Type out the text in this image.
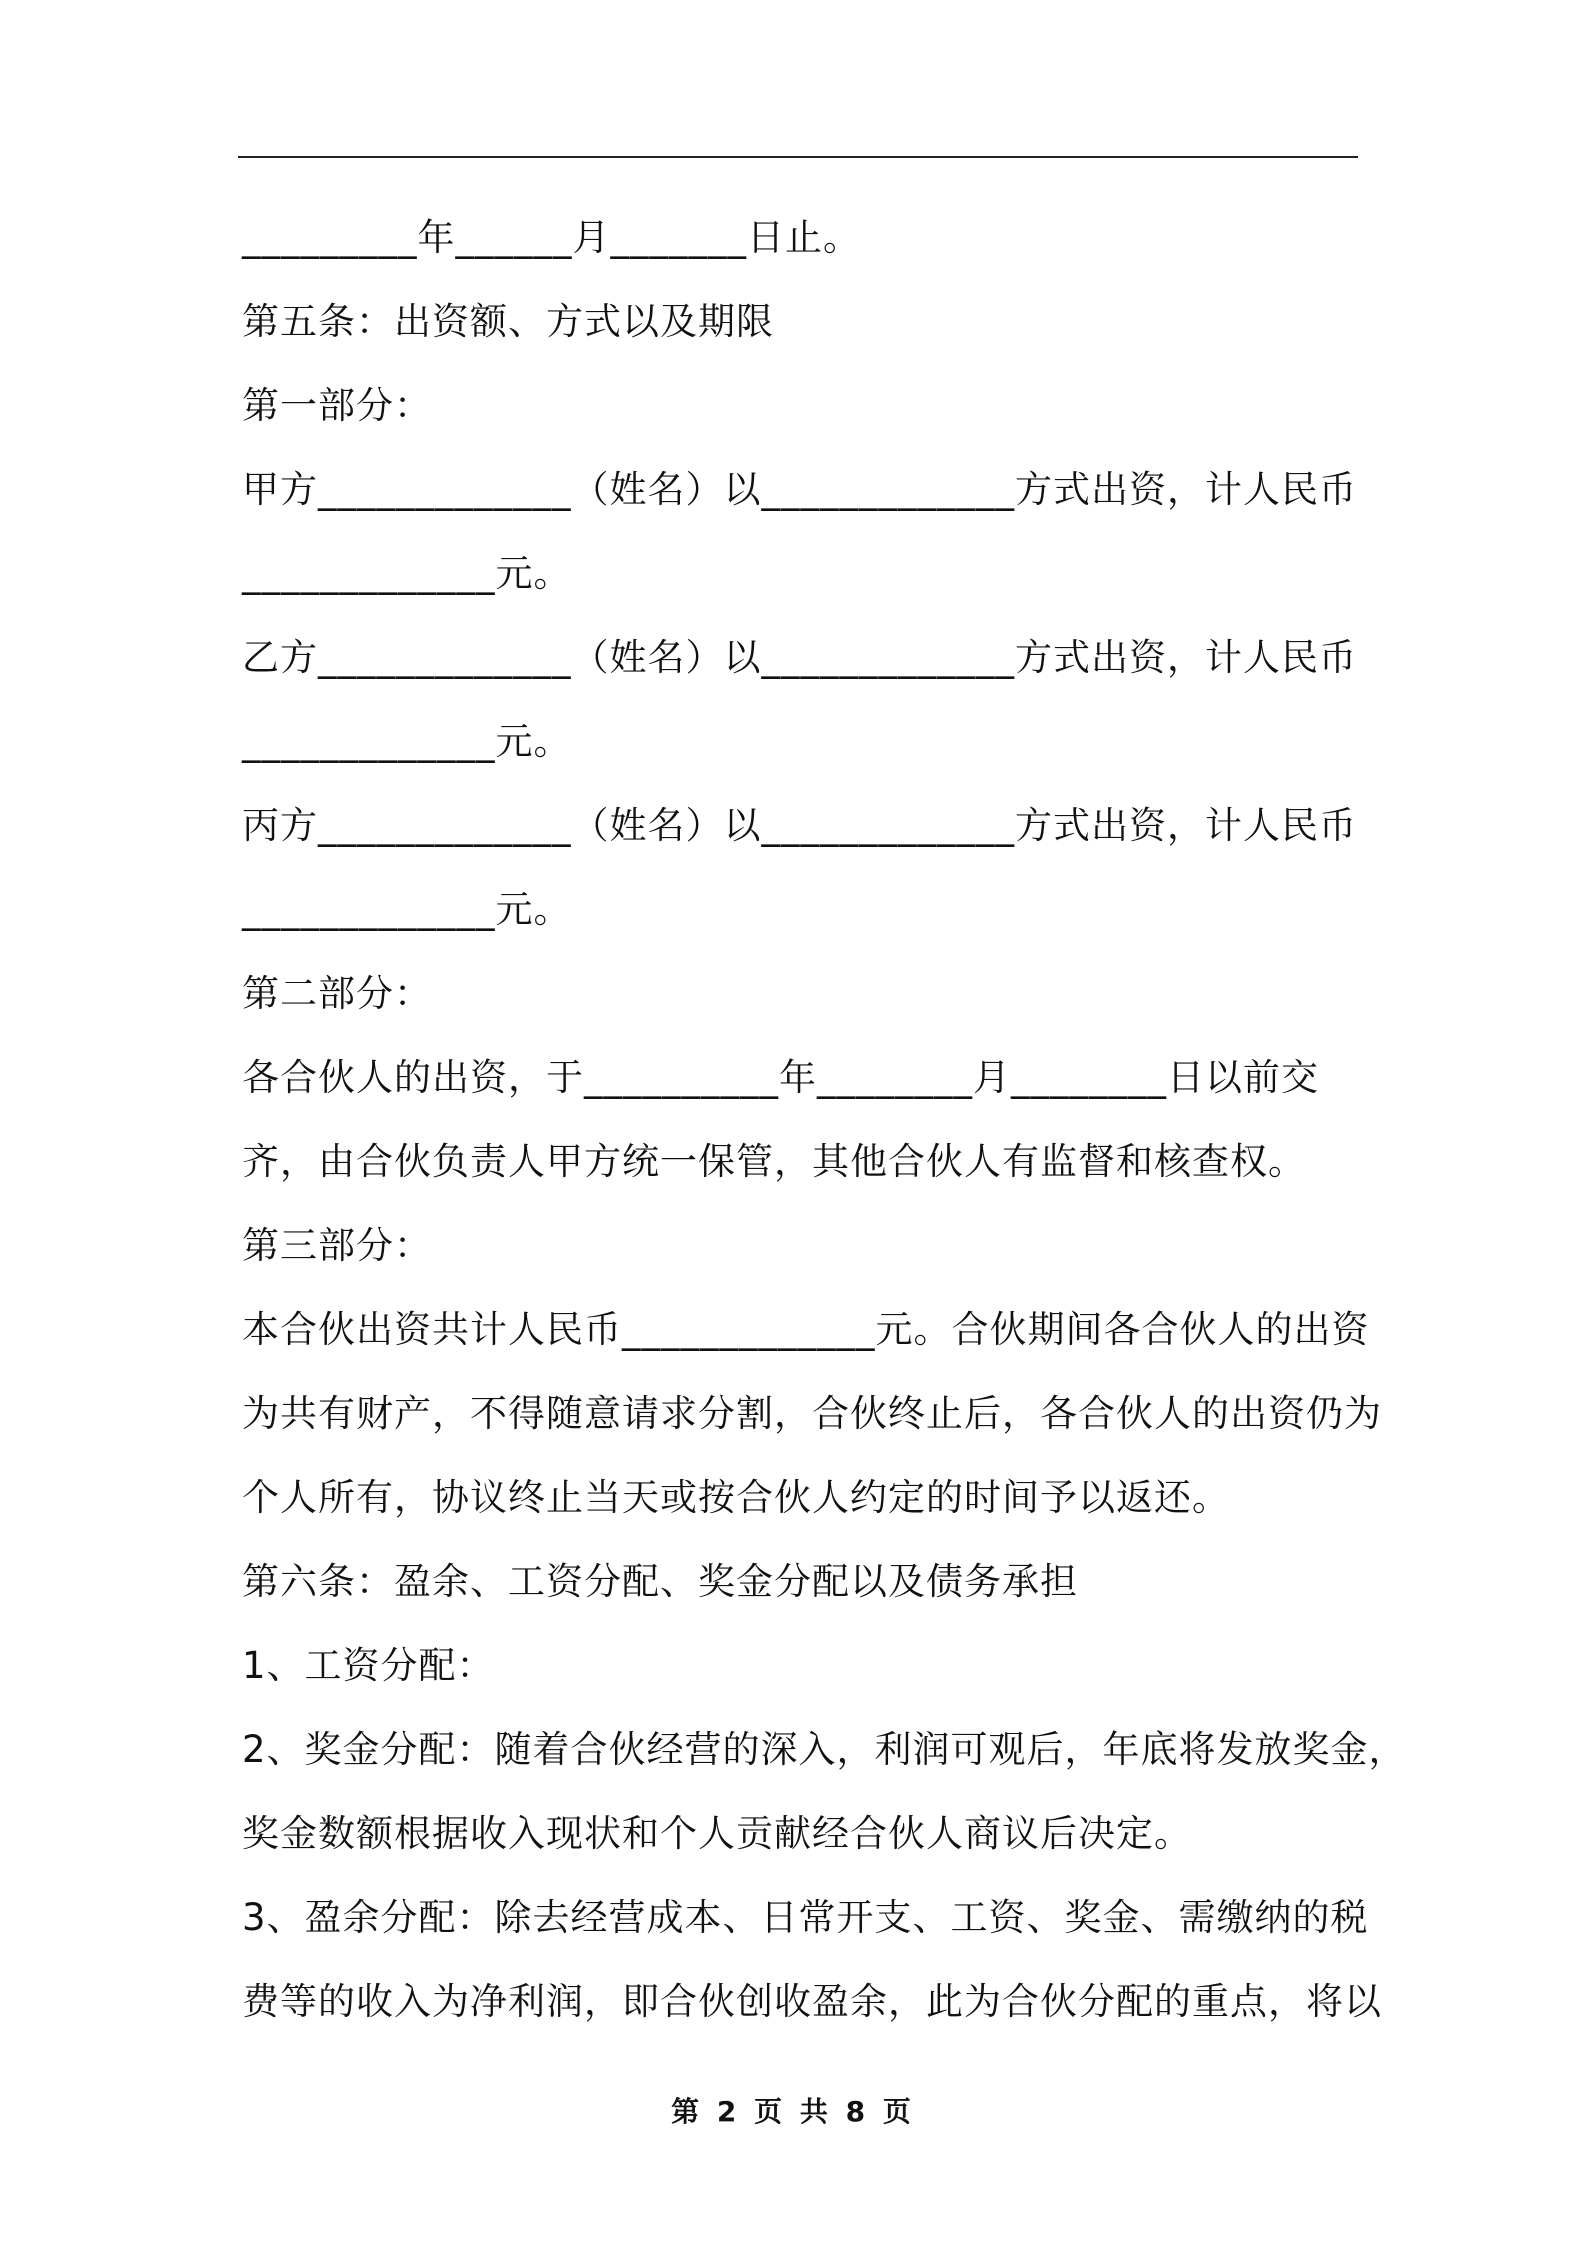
_________年______月_______日止。
第五条：出资额、方式以及期限
第一部分：
甲方_____________（姓名）以_____________方式出资，计人民币
_____________元。
乙方_____________（姓名）以_____________方式出资，计人民币
_____________元。
丙方_____________（姓名）以_____________方式出资，计人民币
_____________元。
第二部分：
各合伙人的出资，于__________年________月________日以前交
齐，由合伙负责人甲方统一保管，其他合伙人有监督和核查权。
第三部分：
本合伙出资共计人民币_____________元。合伙期间各合伙人的出资
为共有财产，不得随意请求分割，合伙终止后，各合伙人的出资仍为
个人所有，协议终止当天或按合伙人约定的时间予以返还。
第六条：盈余、工资分配、奖金分配以及债务承担
1、工资分配：
2、奖金分配：随着合伙经营的深入，利润可观后，年底将发放奖金，
奖金数额根据收入现状和个人贡献经合伙人商议后决定。
3、盈余分配：除去经营成本、日常开支、工资、奖金、需缴纳的税
费等的收入为净利润，即合伙创收盈余，此为合伙分配的重点，将以
第 2 页 共 8 页
